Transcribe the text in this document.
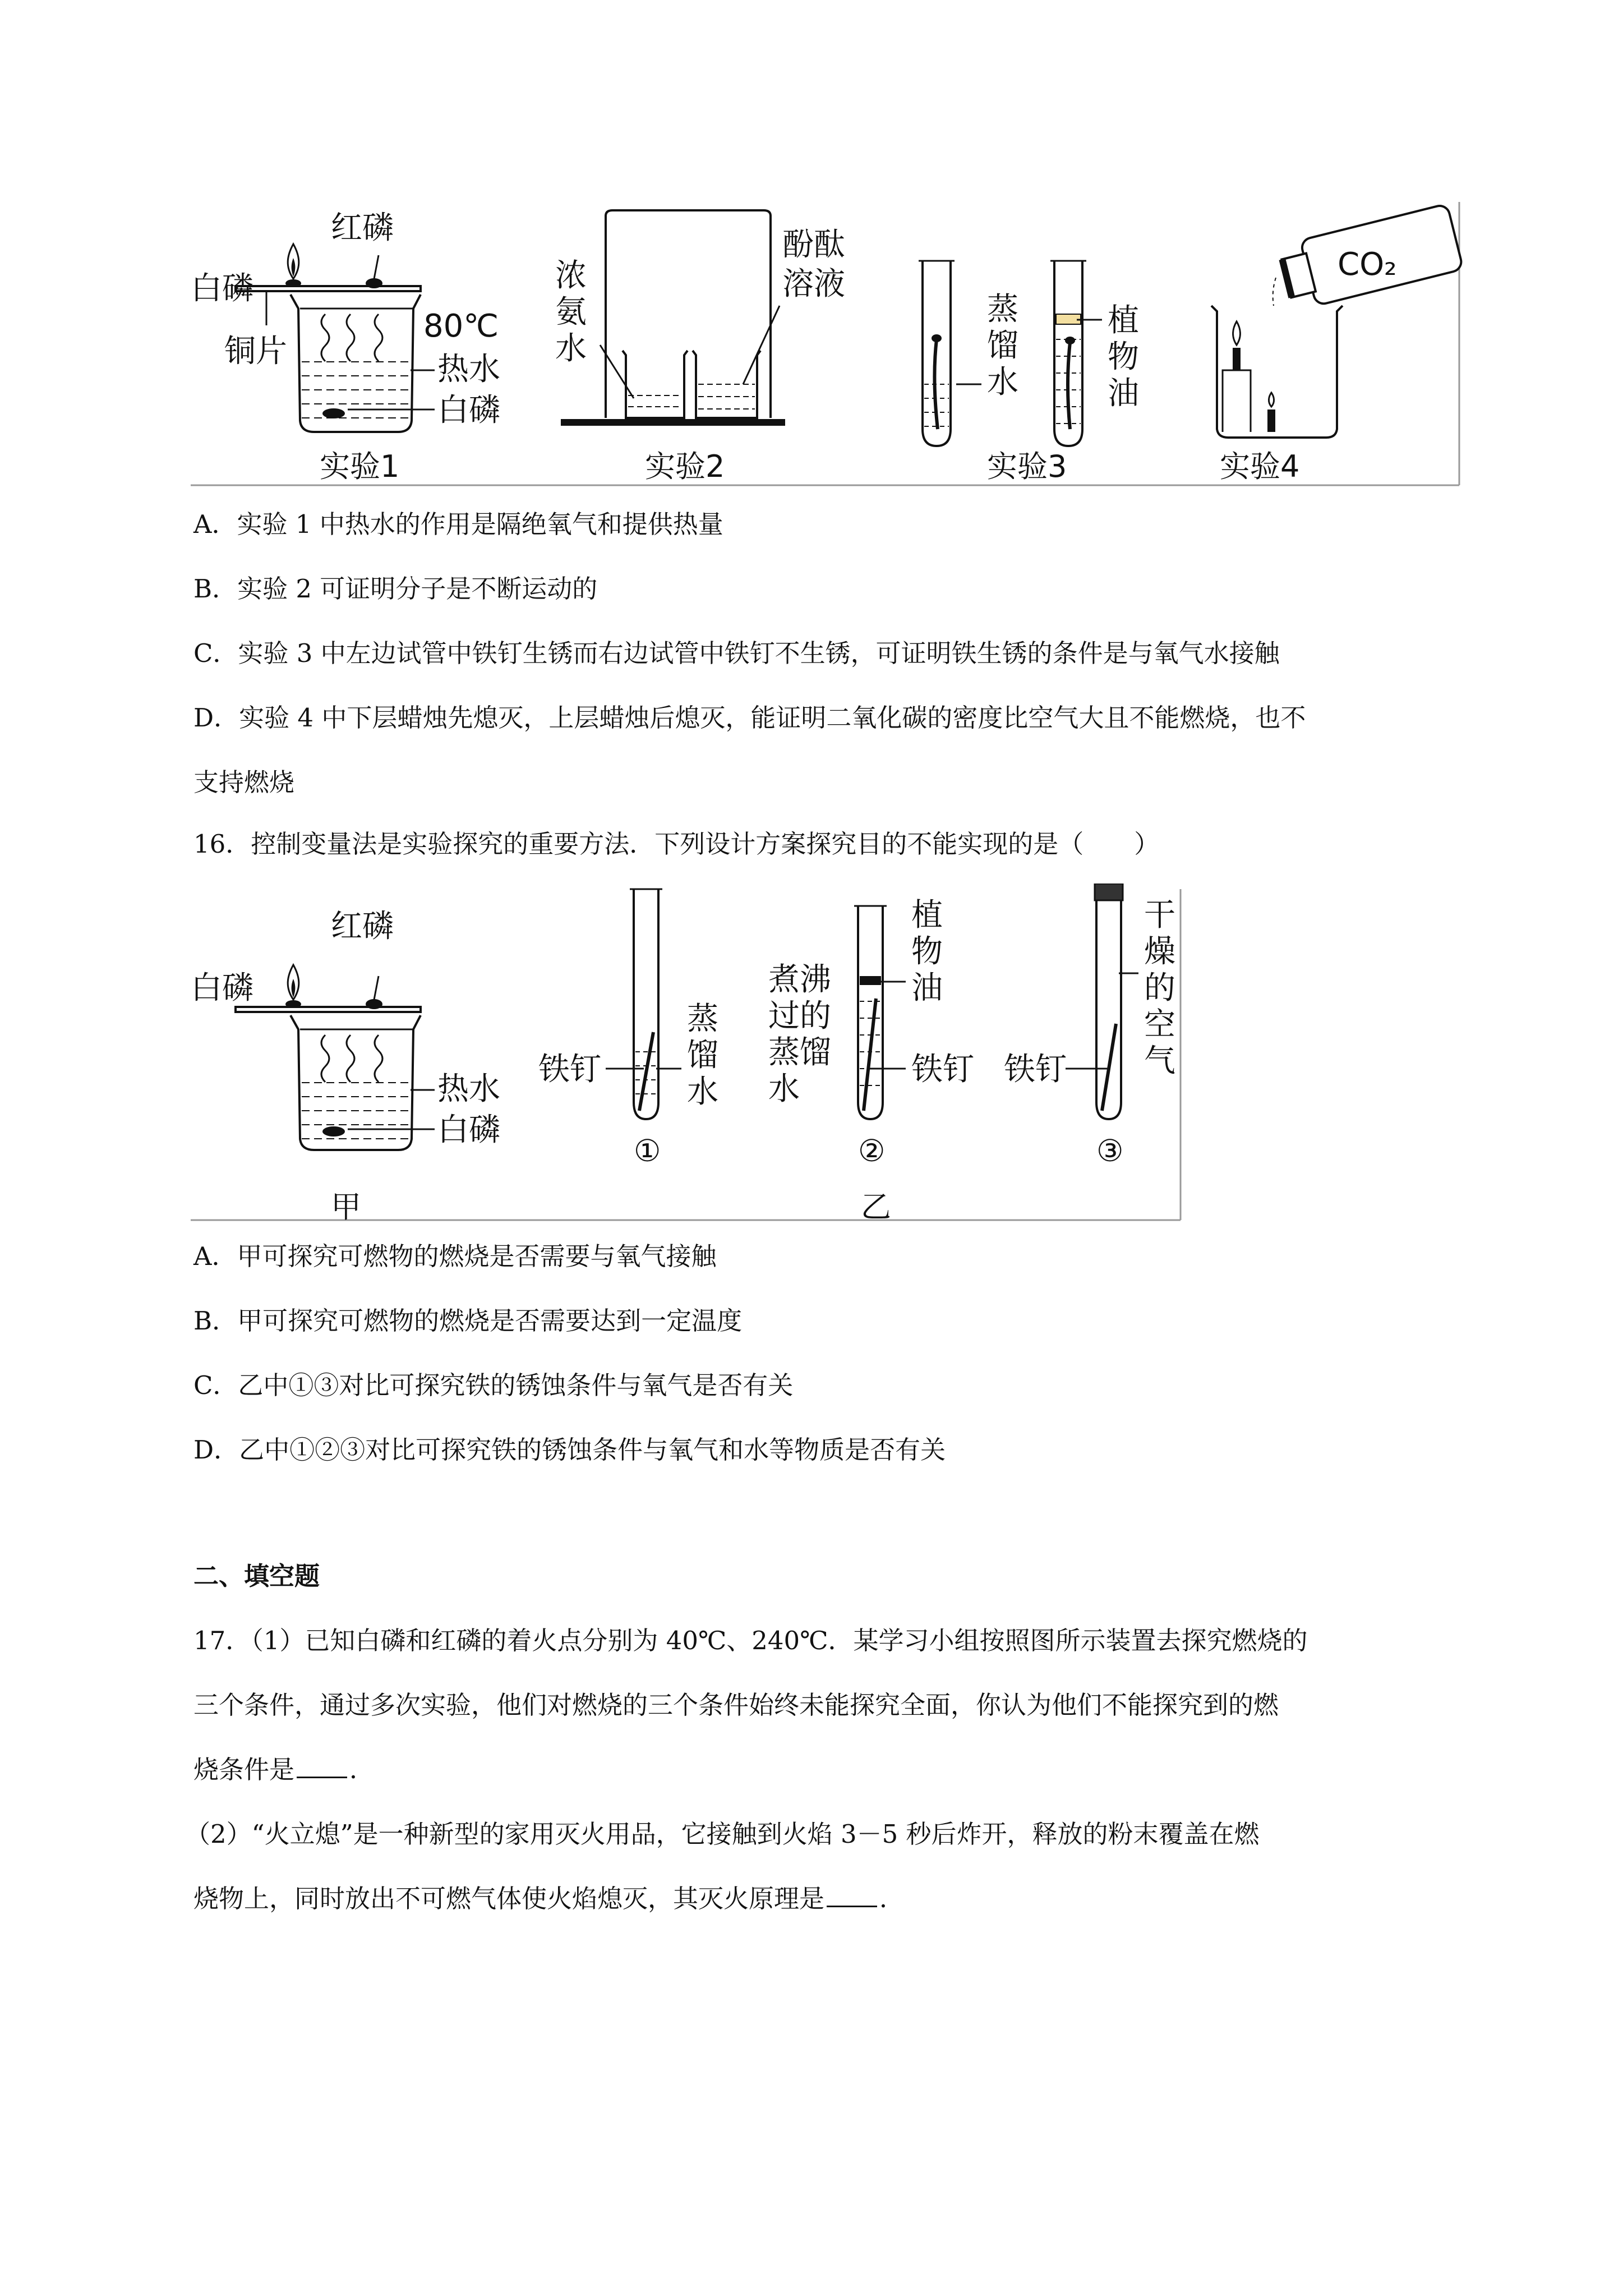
红磷
白磷
80℃
铜片	热水
白磷
实验1
浓
氨
水
酚酞
溶液
实验2
蒸
馏
水
植
物
油
实验3
CO₂
实验4
A．实验 1 中热水的作用是隔绝氧气和提供热量
B．实验 2 可证明分子是不断运动的
C．实验 3 中左边试管中铁钉生锈而右边试管中铁钉不生锈，可证明铁生锈的条件是与氧气水接触
D．实验 4 中下层蜡烛先熄灭，上层蜡烛后熄灭，能证明二氧化碳的密度比空气大且不能燃烧，也不
支持燃烧
16．控制变量法是实验探究的重要方法．下列设计方案探究目的不能实现的是（　　）
红磷
白磷
热水
白磷
甲
铁钉
蒸
馏
水
①
煮沸
过的
蒸馏
水
植
物
油
铁钉
②
铁钉
干
燥
的
空
气
③
乙
A．甲可探究可燃物的燃烧是否需要与氧气接触
B．甲可探究可燃物的燃烧是否需要达到一定温度
C．乙中①③对比可探究铁的锈蚀条件与氧气是否有关
D．乙中①②③对比可探究铁的锈蚀条件与氧气和水等物质是否有关
二、填空题
17．（1）已知白磷和红磷的着火点分别为 40℃、240℃．某学习小组按照图所示装置去探究燃烧的
三个条件，通过多次实验，他们对燃烧的三个条件始终未能探究全面，你认为他们不能探究到的燃
烧条件是 ．
（2）“火立熄”是一种新型的家用灭火用品，它接触到火焰 3－5 秒后炸开，释放的粉末覆盖在燃
烧物上，同时放出不可燃气体使火焰熄灭，其灭火原理是 ．
